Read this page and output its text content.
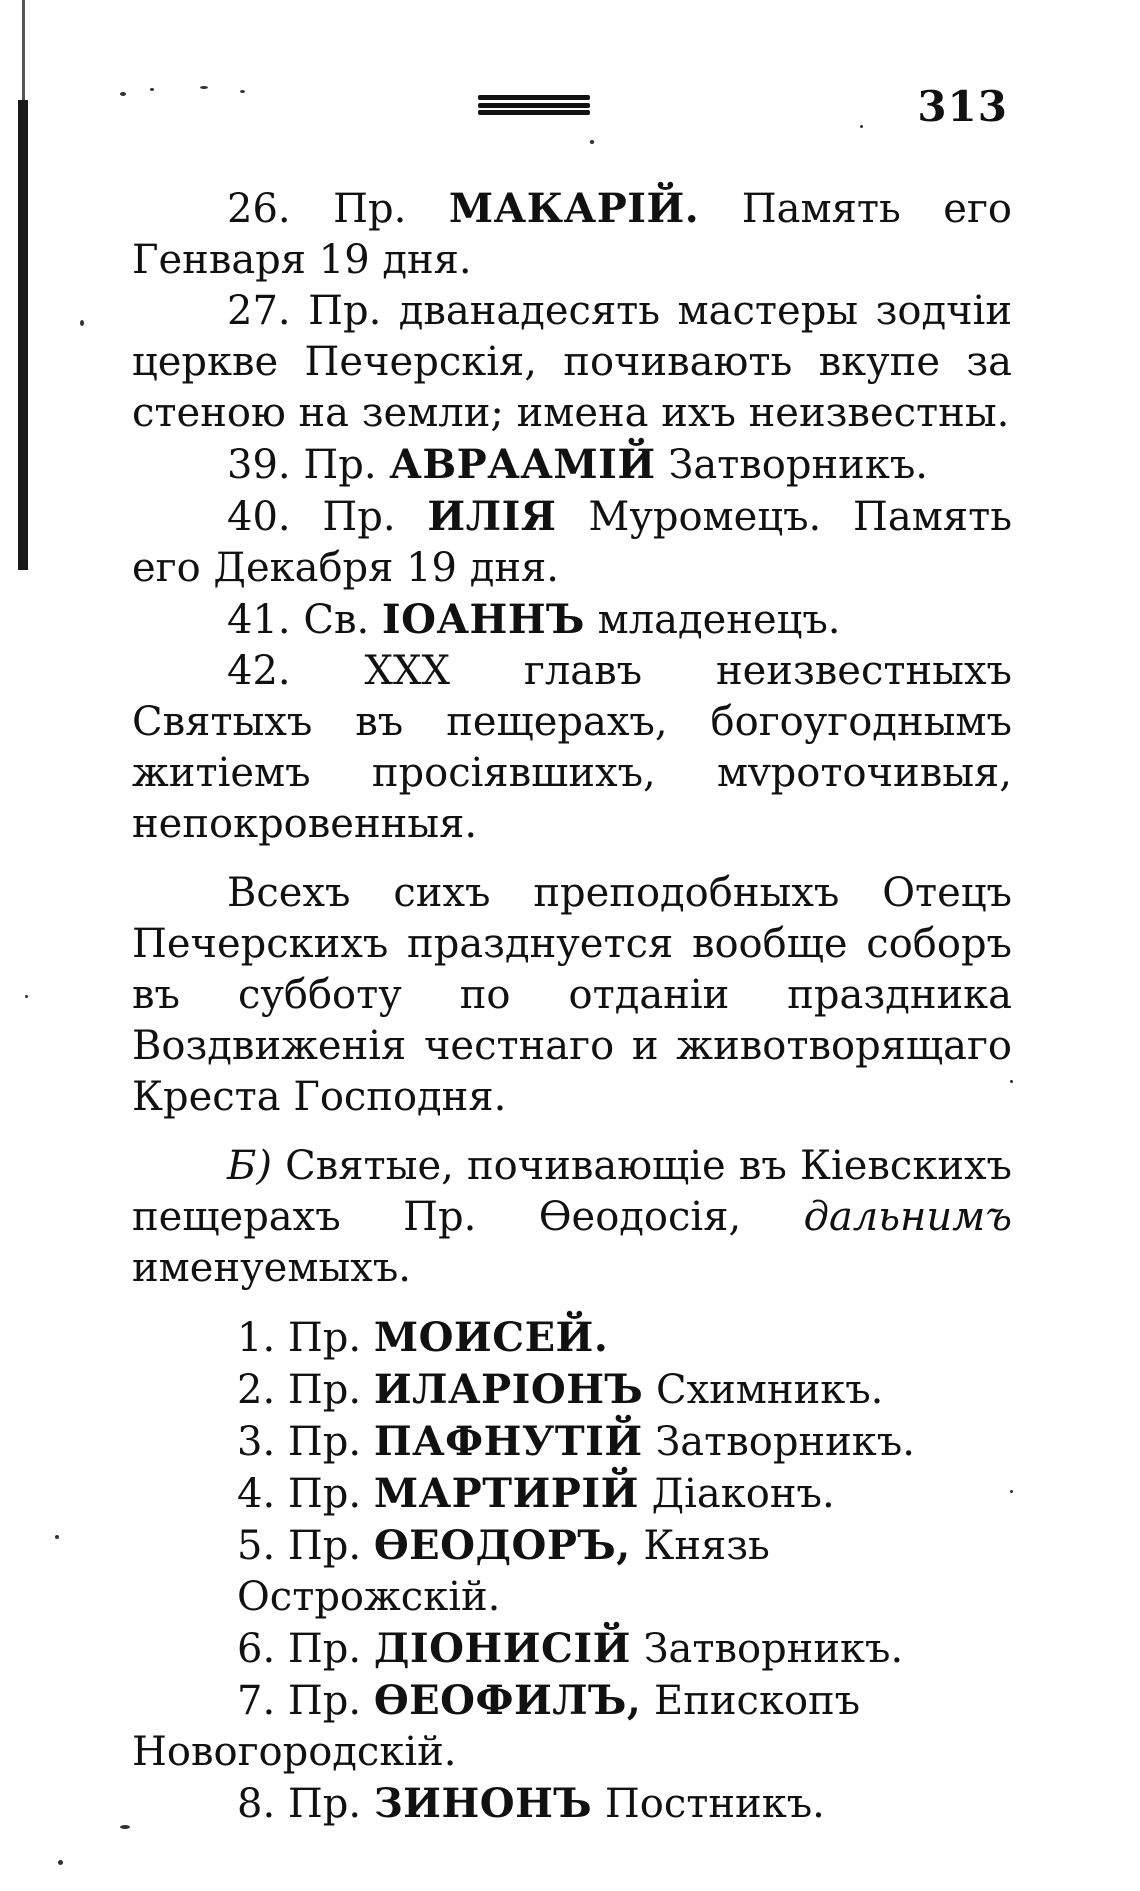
313

26. Пр. МАКАРІЙ. Память его Генваря 19 дня.

27. Пр. дванадесять мастеры зодчіи церкве Печерскія, почивають вкупе за стеною на земли; имена ихъ неизвестны.

39. Пр. АВРААМІЙ Затворникъ.

40. Пр. ИЛІЯ Муромецъ. Память его Декабря 19 дня.

41. Св. ІОАННЪ младенецъ.

42. XXX главъ неизвестныхъ Святыхъ въ пещерахъ, богоугоднымъ житіемъ просіявшихъ, мvроточивыя, непокровенныя.

Всехъ сихъ преподобныхъ Отецъ Печерскихъ празднуется вообще соборъ въ субботу по отданіи праздника Воздвиженія честнаго и животворящаго Креста Господня.

Б) Святые, почивающіе въ Кіевскихъ пещерахъ Пр. Ѳеодосія, дальнимъ именуемыхъ.

1. Пр. МОИСЕЙ.

2. Пр. ИЛАРІОНЪ Схимникъ.

3. Пр. ПАФНУТІЙ Затворникъ.

4. Пр. МАРТИРІЙ Діаконъ.

5. Пр. ѲЕОДОРЪ, Князь Острожскій.

6. Пр. ДІОНИСІЙ Затворникъ.

7. Пр. ѲЕОФИЛЪ, Епископъ Новогородскій.

8. Пр. ЗИНОНЪ Постникъ.
